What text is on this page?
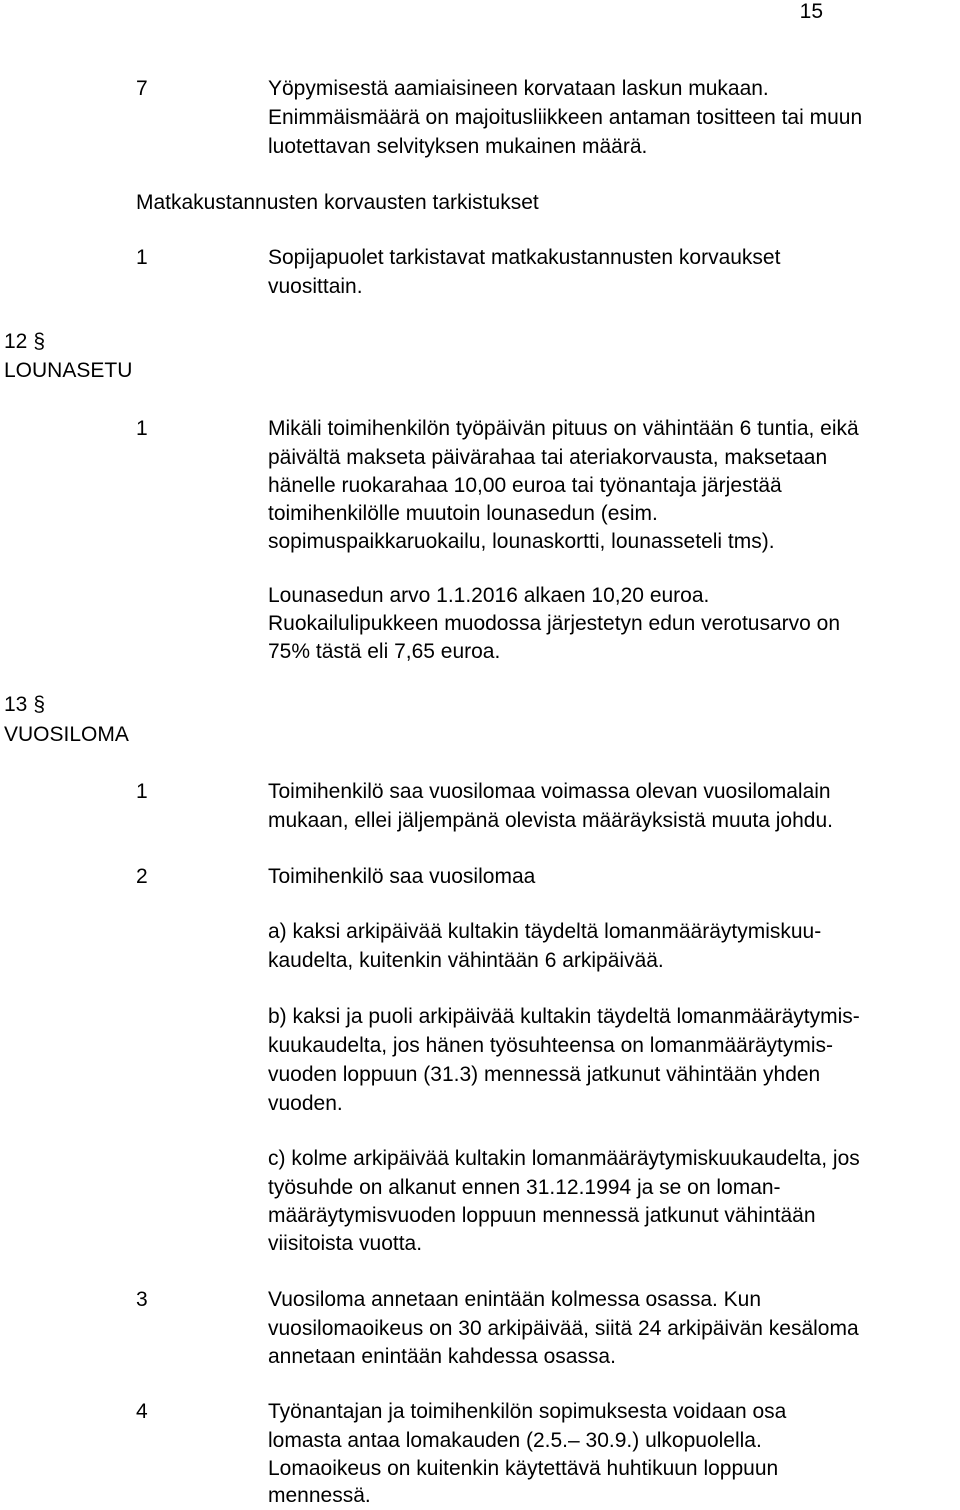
15
7	Yöpymisestä aamiaisineen korvataan laskun mukaan.
Enimmäismäärä on majoitusliikkeen antaman tositteen tai muun
luotettavan selvityksen mukainen määrä.
Matkakustannusten korvausten tarkistukset
1	Sopijapuolet tarkistavat matkakustannusten korvaukset
vuosittain.
12 §
LOUNASETU
1	Mikäli toimihenkilön työpäivän pituus on vähintään 6 tuntia, eikä
päivältä makseta päivärahaa tai ateriakorvausta, maksetaan
hänelle ruokarahaa 10,00 euroa tai työnantaja järjestää
toimihenkilölle muutoin lounasedun (esim.
sopimuspaikkaruokailu, lounaskortti, lounasseteli tms).
Lounasedun arvo 1.1.2016 alkaen 10,20 euroa.
Ruokailulipukkeen muodossa järjestetyn edun verotusarvo on
75% tästä eli 7,65 euroa.
13 §
VUOSILOMA
1	Toimihenkilö saa vuosilomaa voimassa olevan vuosilomalain
mukaan, ellei jäljempänä olevista määräyksistä muuta johdu.
2	Toimihenkilö saa vuosilomaa
a) kaksi arkipäivää kultakin täydeltä lomanmääräytymiskuu-
kaudelta, kuitenkin vähintään 6 arkipäivää.
b) kaksi ja puoli arkipäivää kultakin täydeltä lomanmääräytymis-
kuukaudelta, jos hänen työsuhteensa on lomanmääräytymis-
vuoden loppuun (31.3) mennessä jatkunut vähintään yhden
vuoden.
c) kolme arkipäivää kultakin lomanmääräytymiskuukaudelta, jos
työsuhde on alkanut ennen 31.12.1994 ja se on loman-
määräytymisvuoden loppuun mennessä jatkunut vähintään
viisitoista vuotta.
3	Vuosiloma annetaan enintään kolmessa osassa. Kun
vuosilomaoikeus on 30 arkipäivää, siitä 24 arkipäivän kesäloma
annetaan enintään kahdessa osassa.
4	Työnantajan ja toimihenkilön sopimuksesta voidaan osa
lomasta antaa lomakauden (2.5.– 30.9.) ulkopuolella.
Lomaoikeus on kuitenkin käytettävä huhtikuun loppuun
mennessä.
